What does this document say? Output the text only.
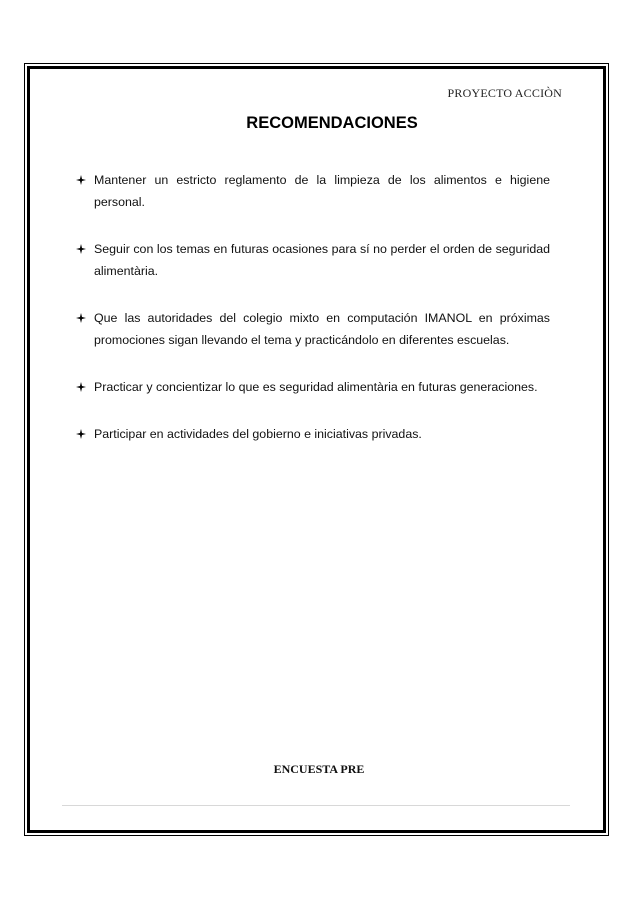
PROYECTO ACCIÒN
RECOMENDACIONES
Mantener un estricto reglamento de la limpieza de los alimentos e higiene personal.
Seguir con los temas en futuras ocasiones para sí no perder el orden de seguridad alimentària.
Que las autoridades del colegio mixto en computación IMANOL en próximas promociones sigan llevando el tema y practicándolo en diferentes escuelas.
Practicar y concientizar lo que es seguridad alimentària en futuras generaciones.
Participar en actividades del gobierno e iniciativas privadas.
ENCUESTA PRE
